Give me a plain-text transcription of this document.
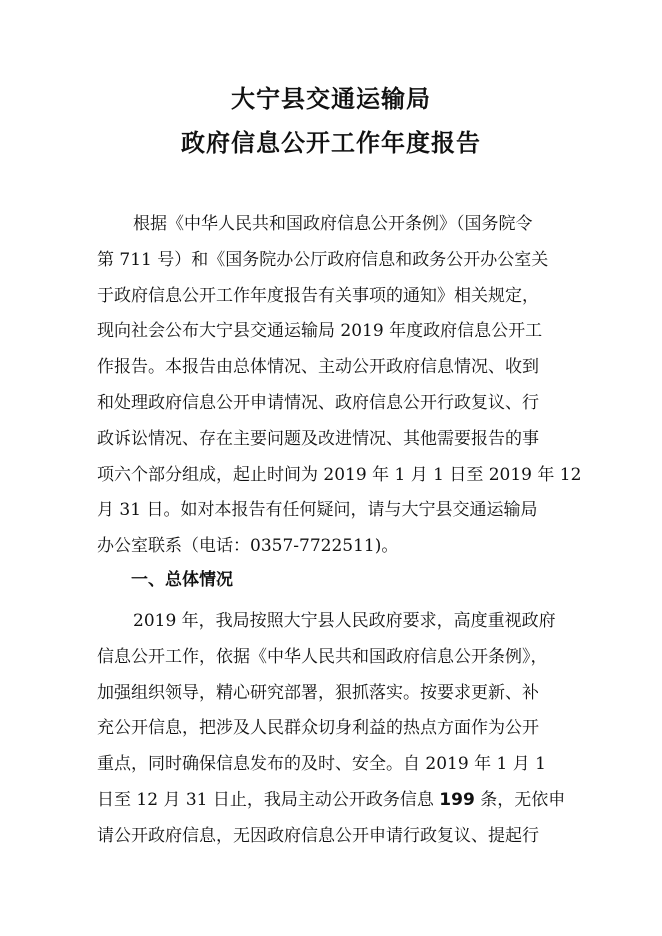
大宁县交通运输局
政府信息公开工作年度报告
根据《中华人民共和国政府信息公开条例》（国务院令
第 711 号）和《国务院办公厅政府信息和政务公开办公室关
于政府信息公开工作年度报告有关事项的通知》相关规定，
现向社会公布大宁县交通运输局 2019 年度政府信息公开工
作报告。本报告由总体情况、主动公开政府信息情况、收到
和处理政府信息公开申请情况、政府信息公开行政复议、行
政诉讼情况、存在主要问题及改进情况、其他需要报告的事
项六个部分组成，起止时间为 2019 年 1 月 1 日至 2019 年 12
月 31 日。如对本报告有任何疑问，请与大宁县交通运输局
办公室联系（电话：0357-7722511)。
一、总体情况
2019 年，我局按照大宁县人民政府要求，高度重视政府
信息公开工作，依据《中华人民共和国政府信息公开条例》，
加强组织领导，精心研究部署，狠抓落实。按要求更新、补
充公开信息，把涉及人民群众切身利益的热点方面作为公开
重点，同时确保信息发布的及时、安全。自 2019 年 1 月 1
日至 12 月 31 日止，我局主动公开政务信息 199 条，无依申
请公开政府信息，无因政府信息公开申请行政复议、提起行
